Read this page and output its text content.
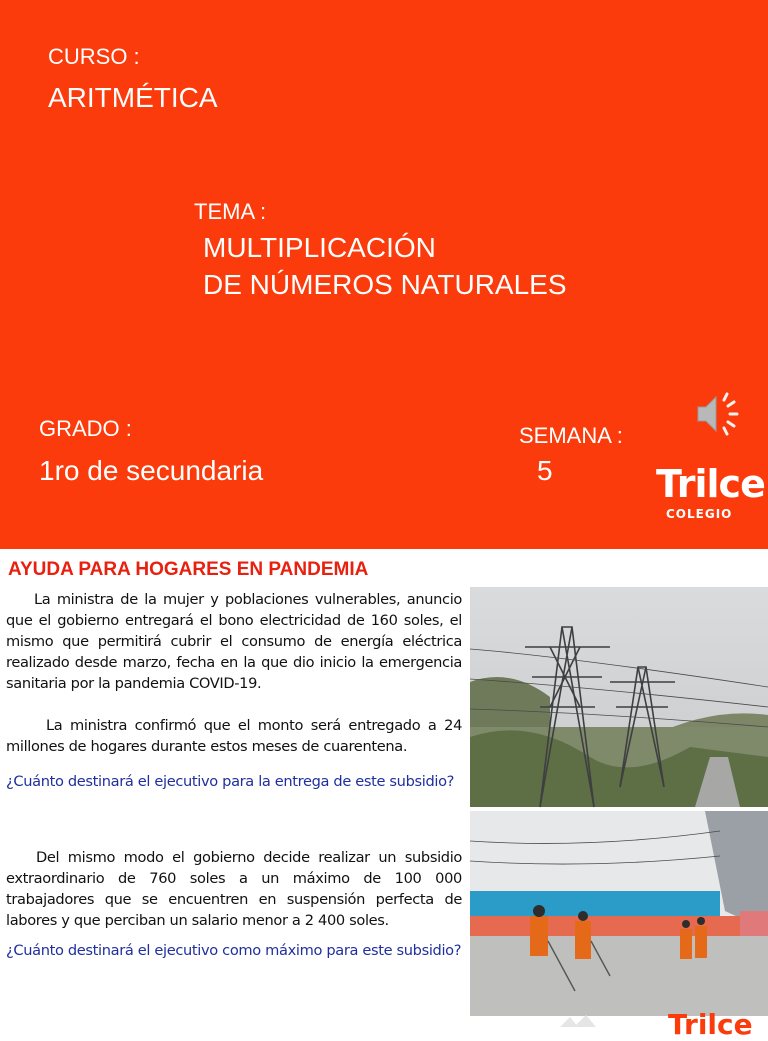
CURSO :
ARITMÉTICA
TEMA :
MULTIPLICACIÓN
DE NÚMEROS NATURALES
GRADO :
1ro de secundaria
SEMANA :
5	Trilce
COLEGIO
AYUDA PARA HOGARES EN PANDEMIA
La ministra de la mujer y poblaciones vulnerables, anuncio que el gobierno entregará el bono electricidad de 160 soles, el mismo que permitirá cubrir el consumo de energía eléctrica realizado desde marzo, fecha en la que dio inicio la emergencia sanitaria por la pandemia COVID-19.
La ministra confirmó que el monto será entregado a 24 millones de hogares durante estos meses de cuarentena.
¿Cuánto destinará el ejecutivo para la entrega de este subsidio?
Del mismo modo el gobierno decide realizar un subsidio extraordinario de 760 soles a un máximo de 100 000 trabajadores que se encuentren en suspensión perfecta de labores y que perciban un salario menor a 2 400 soles.
¿Cuánto destinará el ejecutivo como máximo para este subsidio?
Trilce
